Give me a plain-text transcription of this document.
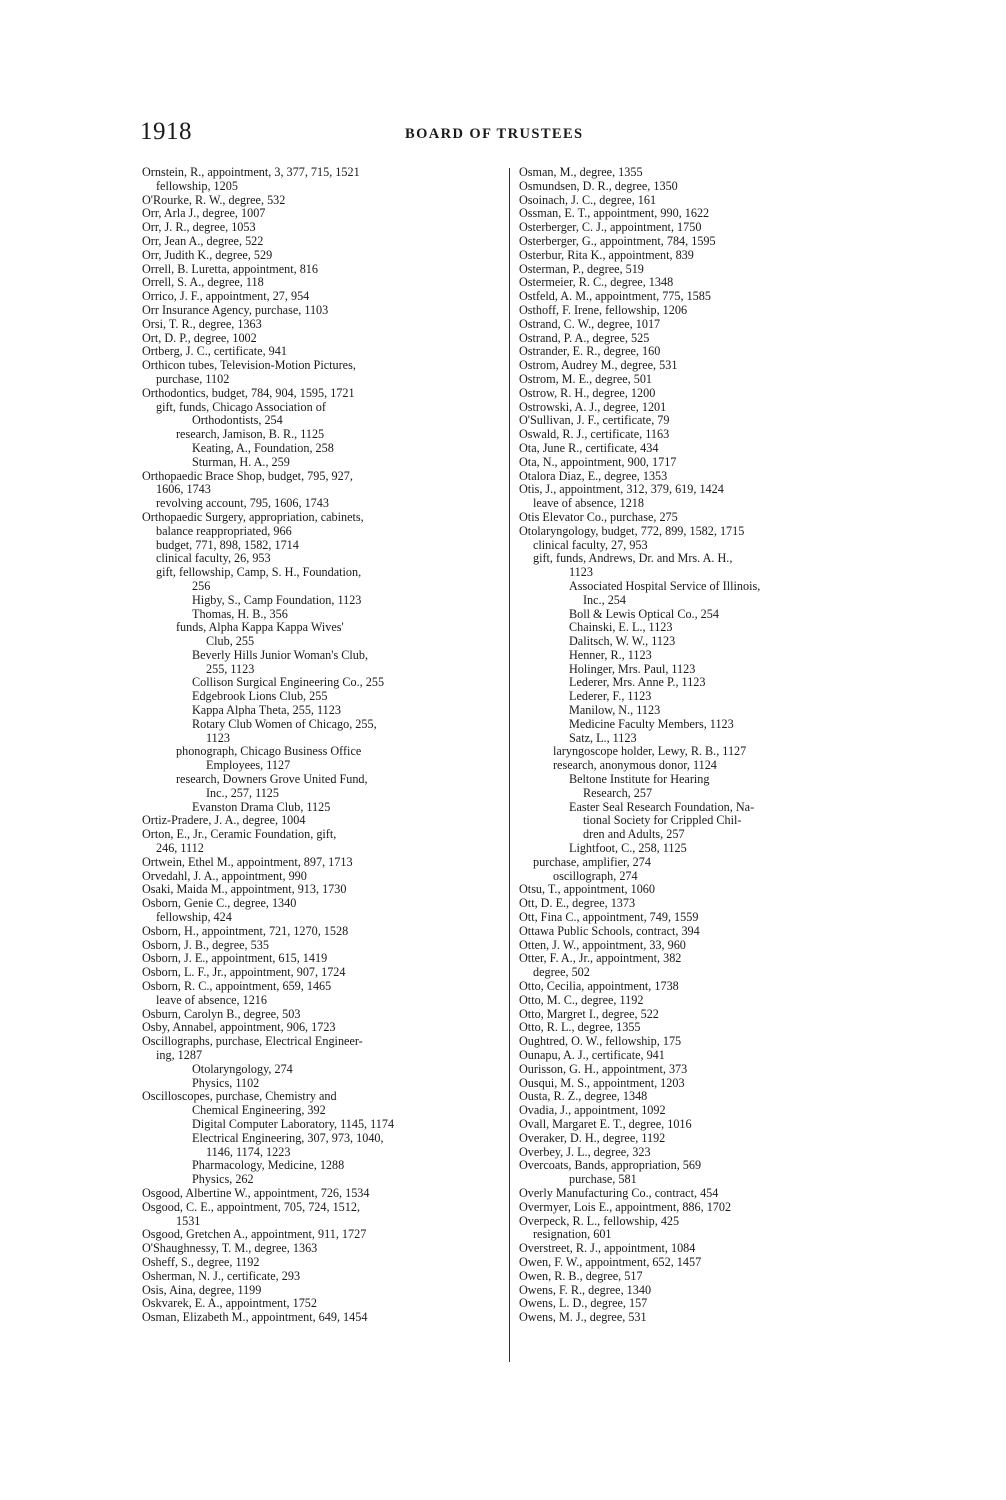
1918	BOARD OF TRUSTEES
Ornstein, R., appointment, 3, 377, 715, 1521
fellowship, 1205
O'Rourke, R. W., degree, 532
Orr, Arla J., degree, 1007
Orr, J. R., degree, 1053
Orr, Jean A., degree, 522
Orr, Judith K., degree, 529
Orrell, B. Luretta, appointment, 816
Orrell, S. A., degree, 118
Orrico, J. F., appointment, 27, 954
Orr Insurance Agency, purchase, 1103
Orsi, T. R., degree, 1363
Ort, D. P., degree, 1002
Ortberg, J. C., certificate, 941
Orthicon tubes, Television-Motion Pictures,
purchase, 1102
Orthodontics, budget, 784, 904, 1595, 1721
gift, funds, Chicago Association of
Orthodontists, 254
research, Jamison, B. R., 1125
Keating, A., Foundation, 258
Sturman, H. A., 259
Orthopaedic Brace Shop, budget, 795, 927,
1606, 1743
revolving account, 795, 1606, 1743
Orthopaedic Surgery, appropriation, cabinets,
balance reappropriated, 966
budget, 771, 898, 1582, 1714
clinical faculty, 26, 953
gift, fellowship, Camp, S. H., Foundation,
256
Higby, S., Camp Foundation, 1123
Thomas, H. B., 356
funds, Alpha Kappa Kappa Wives'
Club, 255
Beverly Hills Junior Woman's Club,
255, 1123
Collison Surgical Engineering Co., 255
Edgebrook Lions Club, 255
Kappa Alpha Theta, 255, 1123
Rotary Club Women of Chicago, 255,
1123
phonograph, Chicago Business Office
Employees, 1127
research, Downers Grove United Fund,
Inc., 257, 1125
Evanston Drama Club, 1125
Ortiz-Pradere, J. A., degree, 1004
Orton, E., Jr., Ceramic Foundation, gift,
246, 1112
Ortwein, Ethel M., appointment, 897, 1713
Orvedahl, J. A., appointment, 990
Osaki, Maida M., appointment, 913, 1730
Osborn, Genie C., degree, 1340
fellowship, 424
Osborn, H., appointment, 721, 1270, 1528
Osborn, J. B., degree, 535
Osborn, J. E., appointment, 615, 1419
Osborn, L. F., Jr., appointment, 907, 1724
Osborn, R. C., appointment, 659, 1465
leave of absence, 1216
Osburn, Carolyn B., degree, 503
Osby, Annabel, appointment, 906, 1723
Oscillographs, purchase, Electrical Engineer-
ing, 1287
Otolaryngology, 274
Physics, 1102
Oscilloscopes, purchase, Chemistry and
Chemical Engineering, 392
Digital Computer Laboratory, 1145, 1174
Electrical Engineering, 307, 973, 1040,
1146, 1174, 1223
Pharmacology, Medicine, 1288
Physics, 262
Osgood, Albertine W., appointment, 726, 1534
Osgood, C. E., appointment, 705, 724, 1512,
1531
Osgood, Gretchen A., appointment, 911, 1727
O'Shaughnessy, T. M., degree, 1363
Osheff, S., degree, 1192
Osherman, N. J., certificate, 293
Osis, Aina, degree, 1199
Oskvarek, E. A., appointment, 1752
Osman, Elizabeth M., appointment, 649, 1454
Osman, M., degree, 1355
Osmundsen, D. R., degree, 1350
Osoinach, J. C., degree, 161
Ossman, E. T., appointment, 990, 1622
Osterberger, C. J., appointment, 1750
Osterberger, G., appointment, 784, 1595
Osterbur, Rita K., appointment, 839
Osterman, P., degree, 519
Ostermeier, R. C., degree, 1348
Ostfeld, A. M., appointment, 775, 1585
Osthoff, F. Irene, fellowship, 1206
Ostrand, C. W., degree, 1017
Ostrand, P. A., degree, 525
Ostrander, E. R., degree, 160
Ostrom, Audrey M., degree, 531
Ostrom, M. E., degree, 501
Ostrow, R. H., degree, 1200
Ostrowski, A. J., degree, 1201
O'Sullivan, J. F., certificate, 79
Oswald, R. J., certificate, 1163
Ota, June R., certificate, 434
Ota, N., appointment, 900, 1717
Otalora Diaz, E., degree, 1353
Otis, J., appointment, 312, 379, 619, 1424
leave of absence, 1218
Otis Elevator Co., purchase, 275
Otolaryngology, budget, 772, 899, 1582, 1715
clinical faculty, 27, 953
gift, funds, Andrews, Dr. and Mrs. A. H.,
1123
Associated Hospital Service of Illinois,
Inc., 254
Boll & Lewis Optical Co., 254
Chainski, E. L., 1123
Dalitsch, W. W., 1123
Henner, R., 1123
Holinger, Mrs. Paul, 1123
Lederer, Mrs. Anne P., 1123
Lederer, F., 1123
Manilow, N., 1123
Medicine Faculty Members, 1123
Satz, L., 1123
laryngoscope holder, Lewy, R. B., 1127
research, anonymous donor, 1124
Beltone Institute for Hearing
Research, 257
Easter Seal Research Foundation, Na-
tional Society for Crippled Chil-
dren and Adults, 257
Lightfoot, C., 258, 1125
purchase, amplifier, 274
oscillograph, 274
Otsu, T., appointment, 1060
Ott, D. E., degree, 1373
Ott, Fina C., appointment, 749, 1559
Ottawa Public Schools, contract, 394
Otten, J. W., appointment, 33, 960
Otter, F. A., Jr., appointment, 382
degree, 502
Otto, Cecilia, appointment, 1738
Otto, M. C., degree, 1192
Otto, Margret I., degree, 522
Otto, R. L., degree, 1355
Oughtred, O. W., fellowship, 175
Ounapu, A. J., certificate, 941
Ourisson, G. H., appointment, 373
Ousqui, M. S., appointment, 1203
Ousta, R. Z., degree, 1348
Ovadia, J., appointment, 1092
Ovall, Margaret E. T., degree, 1016
Overaker, D. H., degree, 1192
Overbey, J. L., degree, 323
Overcoats, Bands, appropriation, 569
purchase, 581
Overly Manufacturing Co., contract, 454
Overmyer, Lois E., appointment, 886, 1702
Overpeck, R. L., fellowship, 425
resignation, 601
Overstreet, R. J., appointment, 1084
Owen, F. W., appointment, 652, 1457
Owen, R. B., degree, 517
Owens, F. R., degree, 1340
Owens, L. D., degree, 157
Owens, M. J., degree, 531
